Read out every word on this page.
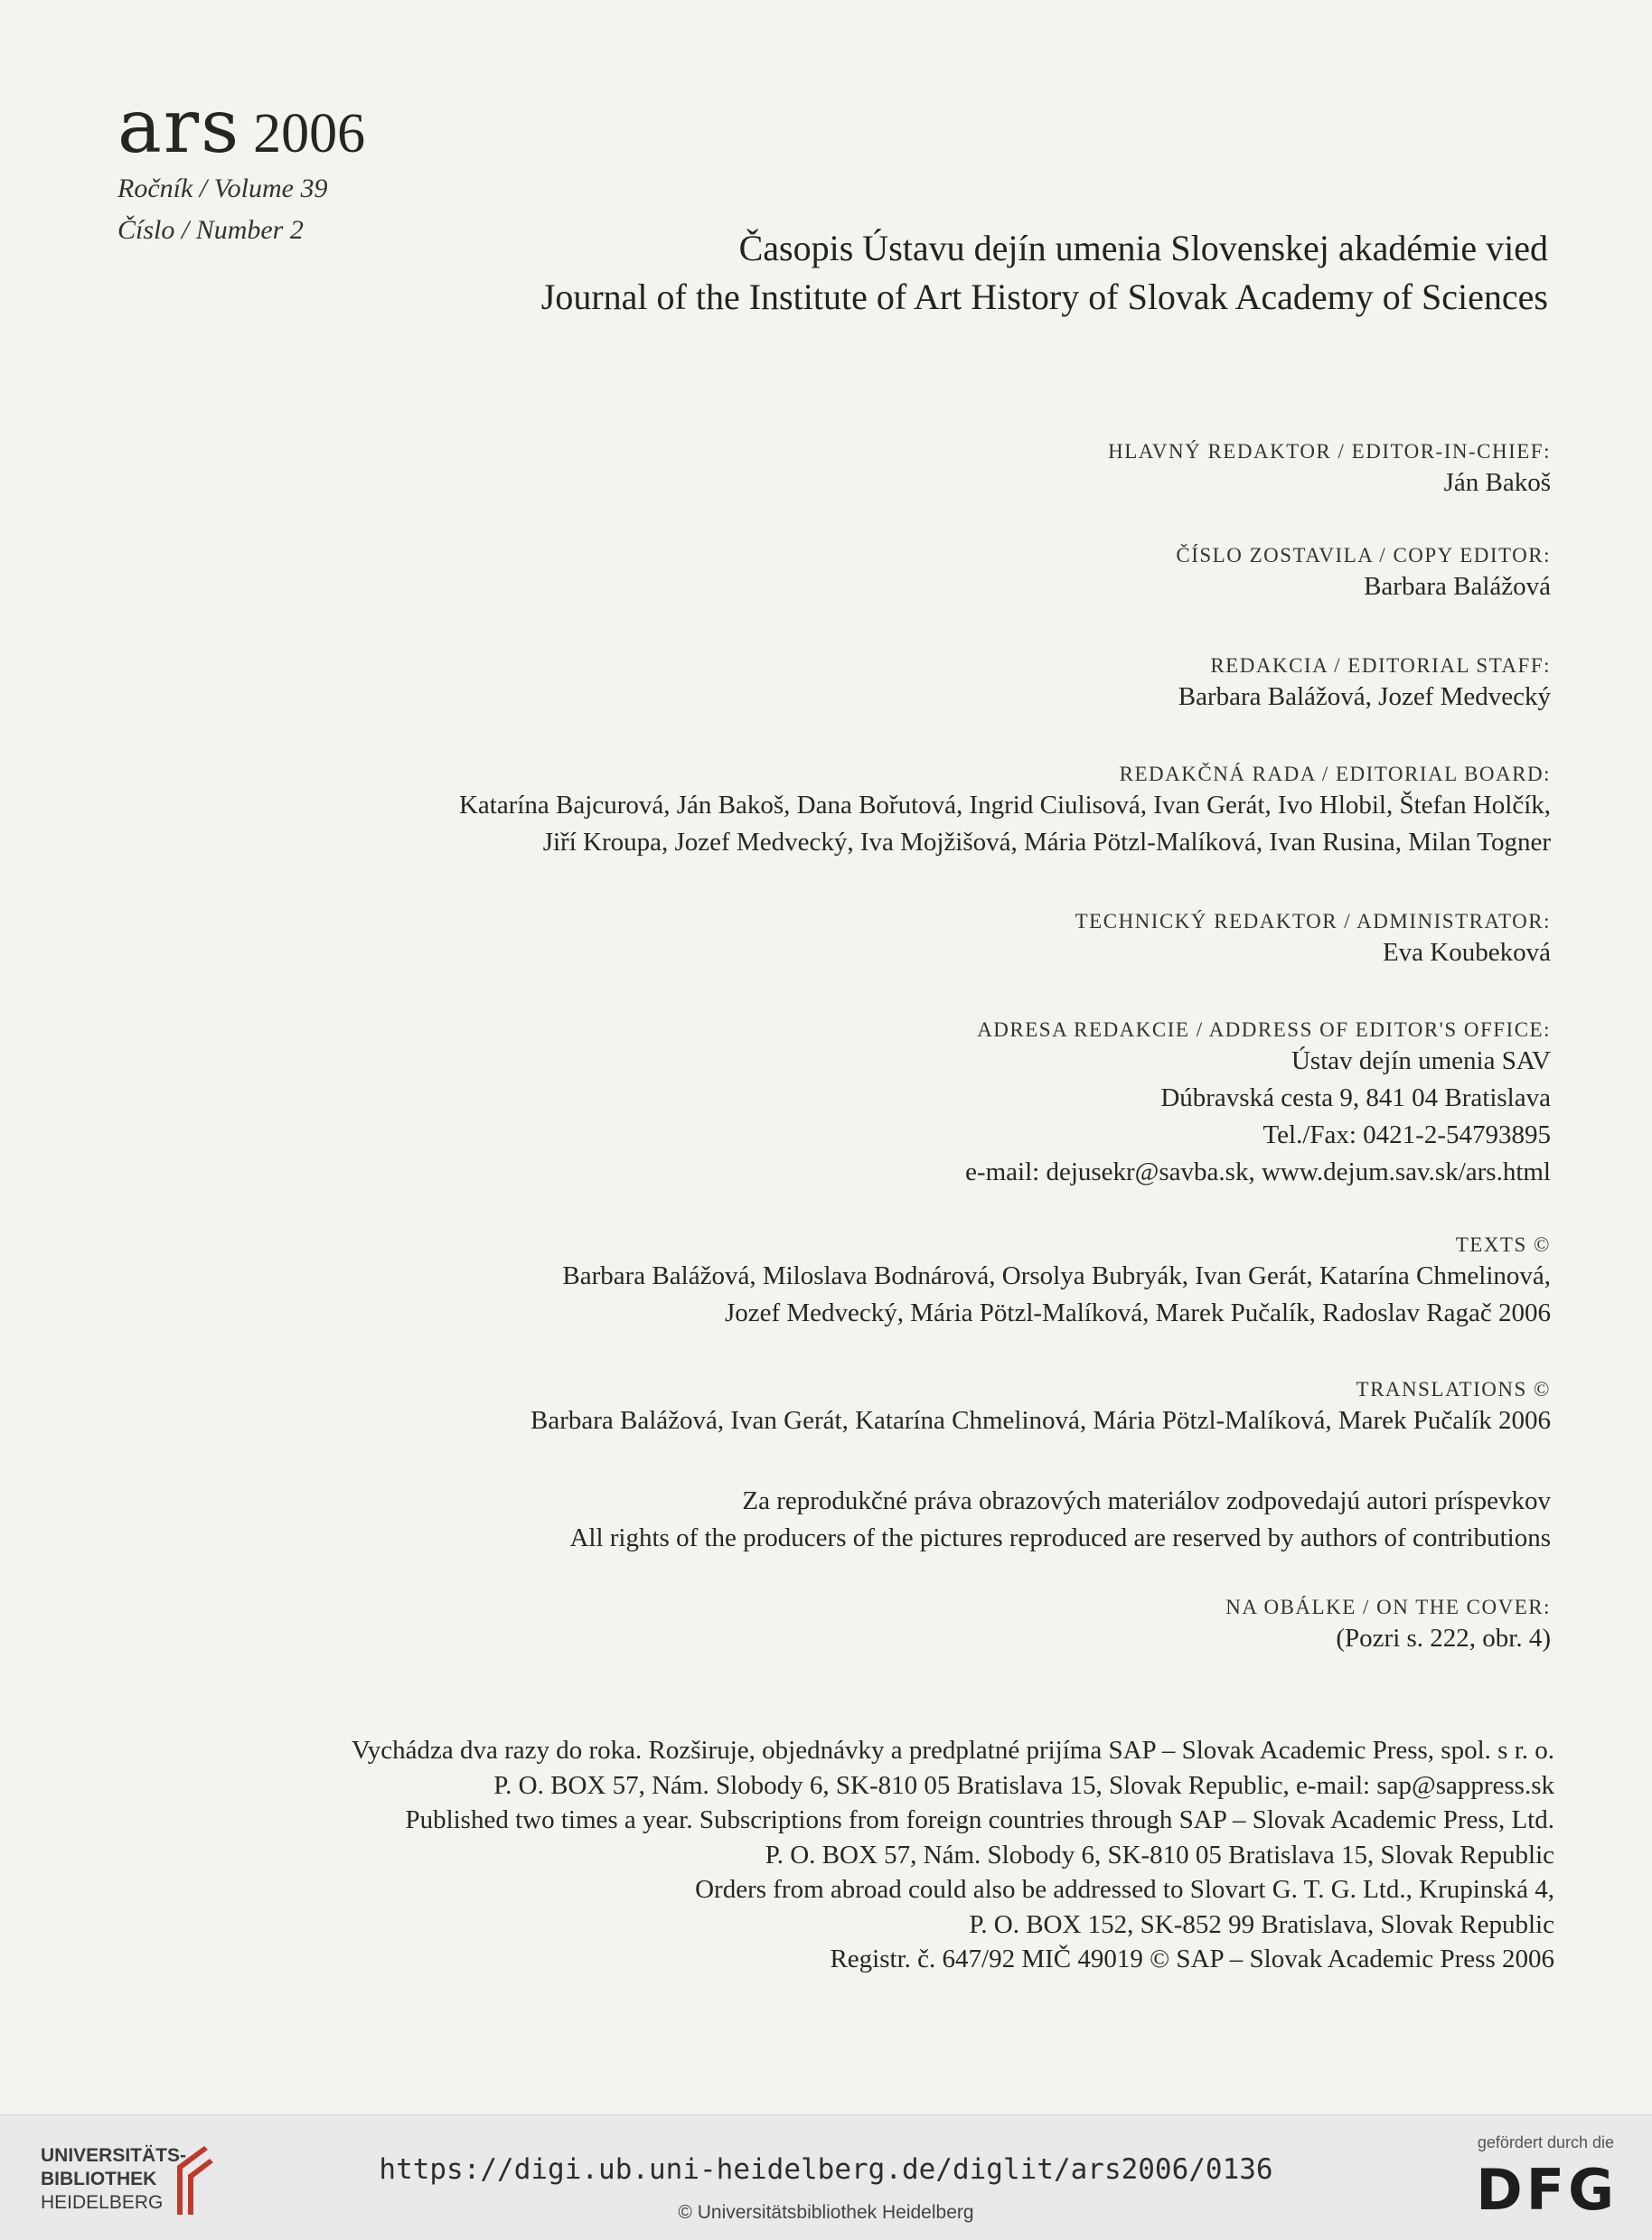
ars 2006
Ročník / Volume 39
Číslo / Number 2	Časopis Ústavu dejín umenia Slovenskej akadémie vied
Journal of the Institute of Art History of Slovak Academy of Sciences
HLAVNÝ REDAKTOR / EDITOR-IN-CHIEF:
Ján Bakoš
ČÍSLO ZOSTAVILA / COPY EDITOR:
Barbara Balážová
REDAKCIA / EDITORIAL STAFF:
Barbara Balážová, Jozef Medvecký
REDAKČNÁ RADA / EDITORIAL BOARD:
Katarína Bajcurová, Ján Bakoš, Dana Bořutová, Ingrid Ciulisová, Ivan Gerát, Ivo Hlobil, Štefan Holčík,
Jiří Kroupa, Jozef Medvecký, Iva Mojžišová, Mária Pötzl-Malíková, Ivan Rusina, Milan Togner
TECHNICKÝ REDAKTOR / ADMINISTRATOR:
Eva Koubeková
ADRESA REDAKCIE / ADDRESS OF EDITOR'S OFFICE:
Ústav dejín umenia SAV
Dúbravská cesta 9, 841 04 Bratislava
Tel./Fax: 0421-2-54793895
e-mail: dejusekr@savba.sk, www.dejum.sav.sk/ars.html
TEXTS ©
Barbara Balážová, Miloslava Bodnárová, Orsolya Bubryák, Ivan Gerát, Katarína Chmelinová,
Jozef Medvecký, Mária Pötzl-Malíková, Marek Pučalík, Radoslav Ragač 2006
TRANSLATIONS ©
Barbara Balážová, Ivan Gerát, Katarína Chmelinová, Mária Pötzl-Malíková, Marek Pučalík 2006
Za reprodukčné práva obrazových materiálov zodpovedajú autori príspevkov
All rights of the producers of the pictures reproduced are reserved by authors of contributions
NA OBÁLKE / ON THE COVER:
(Pozri s. 222, obr. 4)
Vychádza dva razy do roka. Rozširuje, objednávky a predplatné prijíma SAP – Slovak Academic Press, spol. s r. o.
P. O. BOX 57, Nám. Slobody 6, SK-810 05 Bratislava 15, Slovak Republic, e-mail: sap@sappress.sk
Published two times a year. Subscriptions from foreign countries through SAP – Slovak Academic Press, Ltd.
P. O. BOX 57, Nám. Slobody 6, SK-810 05 Bratislava 15, Slovak Republic
Orders from abroad could also be addressed to Slovart G. T. G. Ltd., Krupinská 4,
P. O. BOX 152, SK-852 99 Bratislava, Slovak Republic
Registr. č. 647/92 MIČ 49019 © SAP – Slovak Academic Press 2006
UNIVERSITÄTS-
BIBLIOTHEK
HEIDELBERG
https://digi.ub.uni-heidelberg.de/diglit/ars2006/0136
© Universitätsbibliothek Heidelberg
gefördert durch die
DFG
